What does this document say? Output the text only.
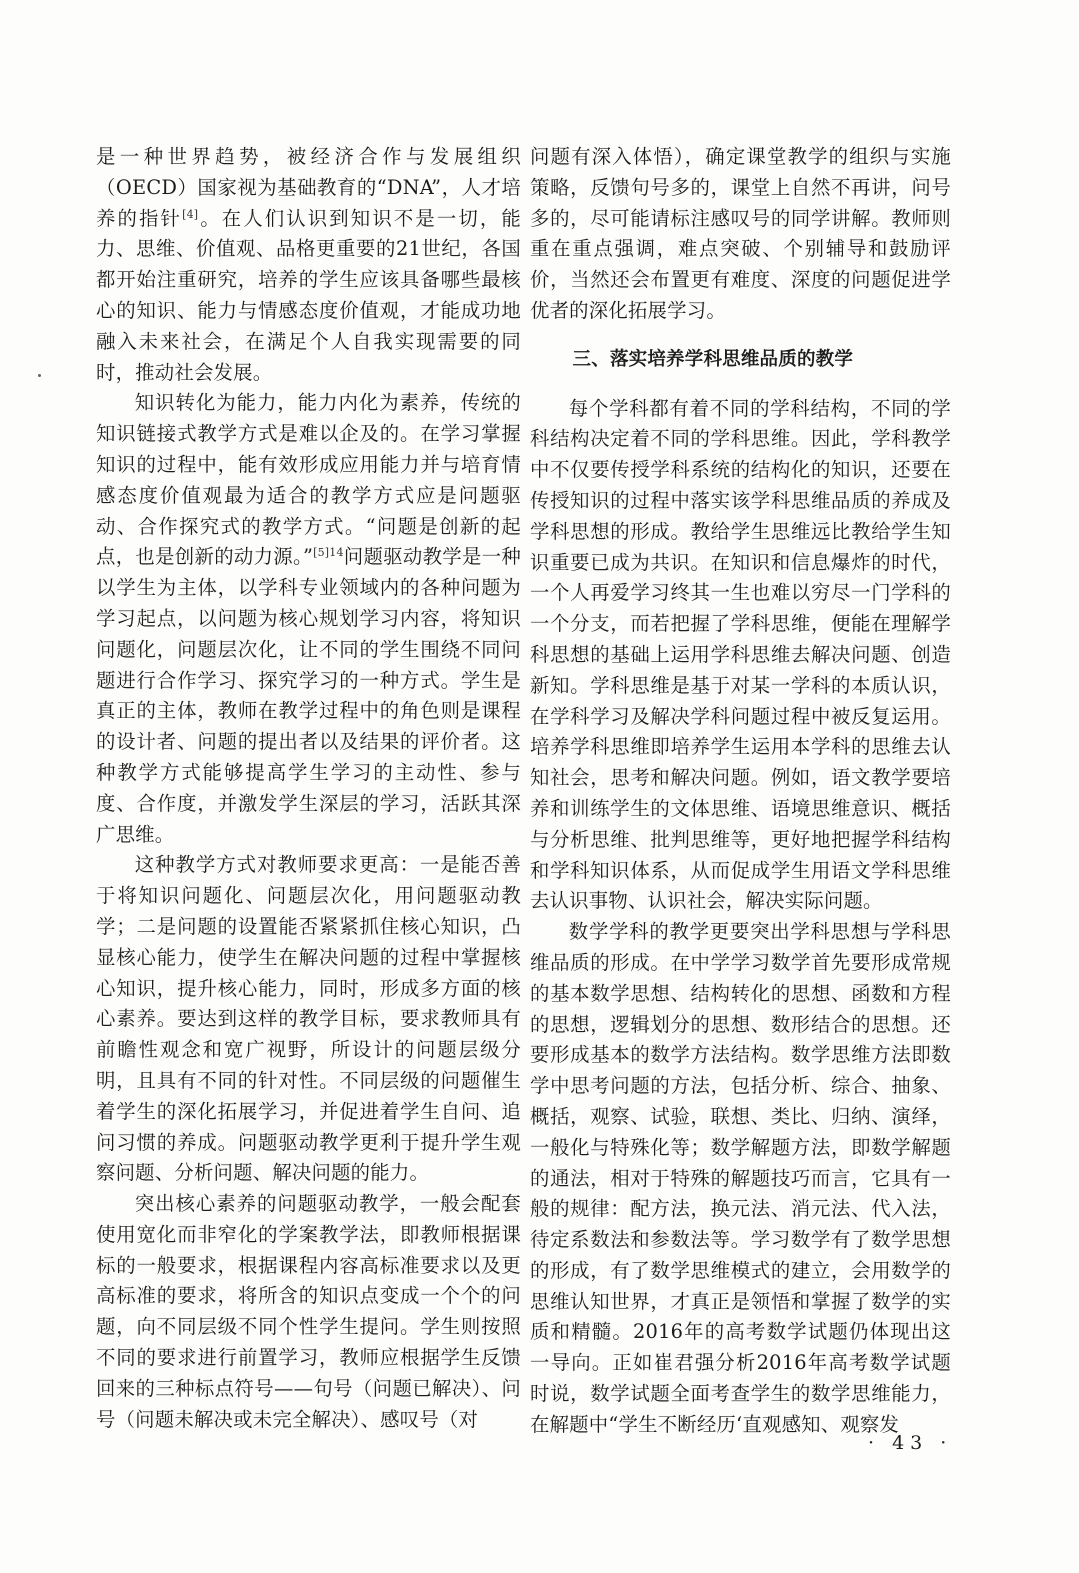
是一种世界趋势，被经济合作与发展组织（OECD）国家视为基础教育的“DNA”，人才培养的指针[4]。在人们认识到知识不是一切，能力、思维、价值观、品格更重要的21世纪，各国都开始注重研究，培养的学生应该具备哪些最核心的知识、能力与情感态度价值观，才能成功地融入未来社会，在满足个人自我实现需要的同时，推动社会发展。

知识转化为能力，能力内化为素养，传统的知识链接式教学方式是难以企及的。在学习掌握知识的过程中，能有效形成应用能力并与培育情感态度价值观最为适合的教学方式应是问题驱动、合作探究式的教学方式。“问题是创新的起点，也是创新的动力源。”$^{[5]14}$问题驱动教学是一种以学生为主体，以学科专业领域内的各种问题为学习起点，以问题为核心规划学习内容，将知识问题化，问题层次化，让不同的学生围绕不同问题进行合作学习、探究学习的一种方式。学生是真正的主体，教师在教学过程中的角色则是课程的设计者、问题的提出者以及结果的评价者。这种教学方式能够提高学生学习的主动性、参与度、合作度，并激发学生深层的学习，活跃其深广思维。

这种教学方式对教师要求更高：一是能否善于将知识问题化、问题层次化，用问题驱动教学；二是问题的设置能否紧紧抓住核心知识，凸显核心能力，使学生在解决问题的过程中掌握核心知识，提升核心能力，同时，形成多方面的核心素养。要达到这样的教学目标，要求教师具有前瞻性观念和宽广视野，所设计的问题层级分明，且具有不同的针对性。不同层级的问题催生着学生的深化拓展学习，并促进着学生自问、追问习惯的养成。问题驱动教学更利于提升学生观察问题、分析问题、解决问题的能力。

突出核心素养的问题驱动教学，一般会配套使用宽化而非窄化的学案教学法，即教师根据课标的一般要求，根据课程内容高标准要求以及更高标准的要求，将所含的知识点变成一个个的问题，向不同层级不同个性学生提问。学生则按照不同的要求进行前置学习，教师应根据学生反馈回来的三种标点符号——句号（问题已解决）、问号（问题未解决或未完全解决）、感叹号（对

问题有深入体悟），确定课堂教学的组织与实施策略，反馈句号多的，课堂上自然不再讲，问号多的，尽可能请标注感叹号的同学讲解。教师则重在重点强调，难点突破、个别辅导和鼓励评价，当然还会布置更有难度、深度的问题促进学优者的深化拓展学习。

三、落实培养学科思维品质的教学

每个学科都有着不同的学科结构，不同的学科结构决定着不同的学科思维。因此，学科教学中不仅要传授学科系统的结构化的知识，还要在传授知识的过程中落实该学科思维品质的养成及学科思想的形成。教给学生思维远比教给学生知识重要已成为共识。在知识和信息爆炸的时代，一个人再爱学习终其一生也难以穷尽一门学科的一个分支，而若把握了学科思维，便能在理解学科思想的基础上运用学科思维去解决问题、创造新知。学科思维是基于对某一学科的本质认识，在学科学习及解决学科问题过程中被反复运用。培养学科思维即培养学生运用本学科的思维去认知社会，思考和解决问题。例如，语文教学要培养和训练学生的文体思维、语境思维意识、概括与分析思维、批判思维等，更好地把握学科结构和学科知识体系，从而促成学生用语文学科思维去认识事物、认识社会，解决实际问题。

数学学科的教学更要突出学科思想与学科思维品质的形成。在中学学习数学首先要形成常规的基本数学思想、结构转化的思想、函数和方程的思想，逻辑划分的思想、数形结合的思想。还要形成基本的数学方法结构。数学思维方法即数学中思考问题的方法，包括分析、综合、抽象、概括，观察、试验，联想、类比、归纳、演绎，一般化与特殊化等；数学解题方法，即数学解题的通法，相对于特殊的解题技巧而言，它具有一般的规律：配方法，换元法、消元法、代入法，待定系数法和参数法等。学习数学有了数学思想的形成，有了数学思维模式的建立，会用数学的思维认知世界，才真正是领悟和掌握了数学的实质和精髓。2016年的高考数学试题仍体现出这一导向。正如崔君强分析2016年高考数学试题时说，数学试题全面考查学生的数学思维能力，在解题中“学生不断经历‘直观感知、观察发

· 43 ·
